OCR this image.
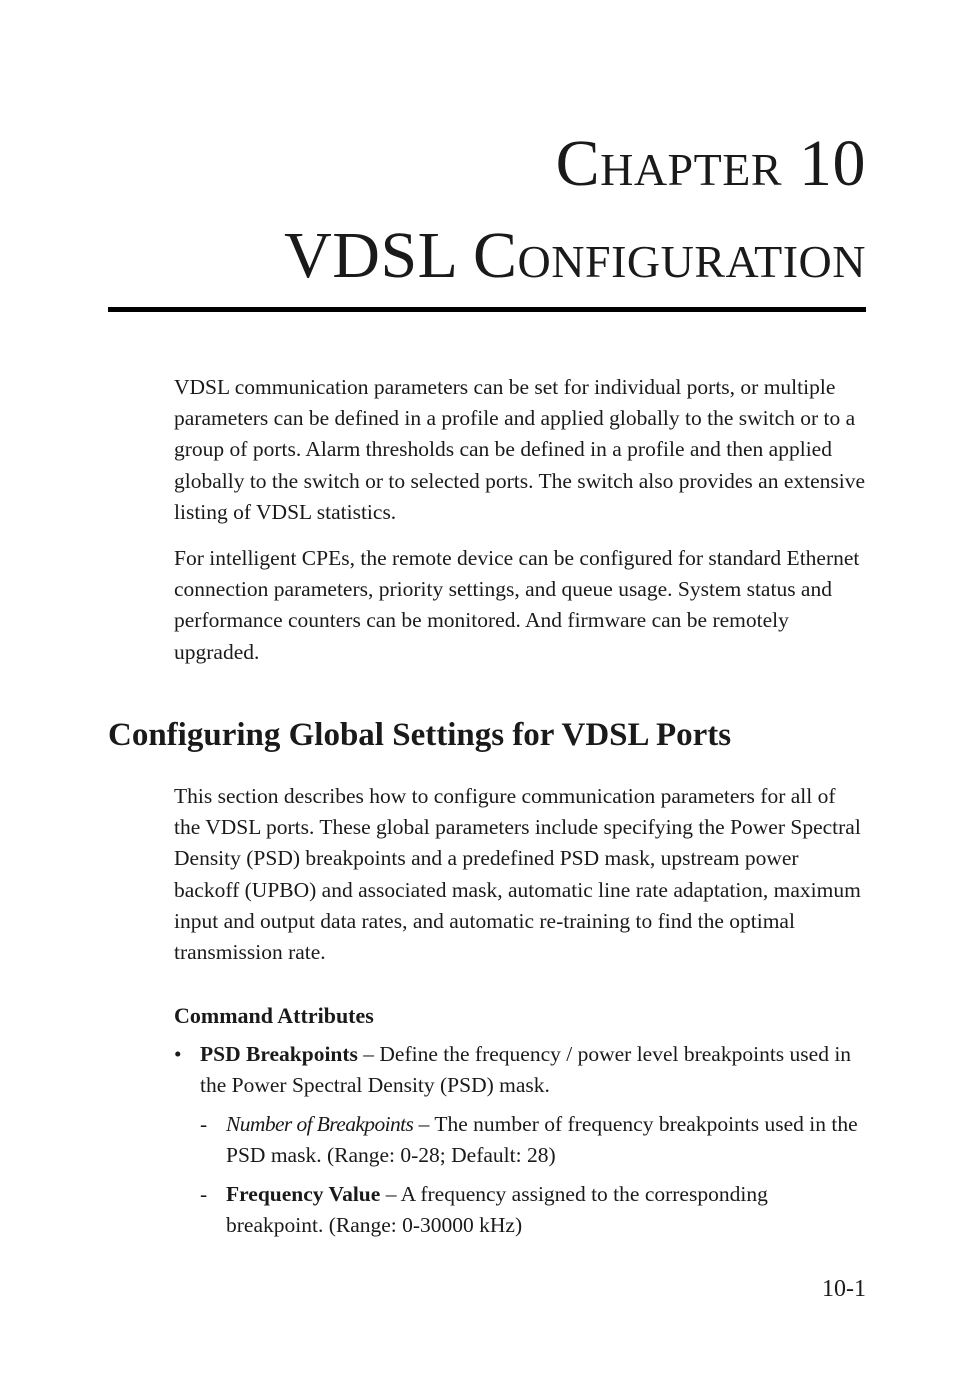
Chapter 10
VDSL Configuration

VDSL communication parameters can be set for individual ports, or multiple parameters can be defined in a profile and applied globally to the switch or to a group of ports. Alarm thresholds can be defined in a profile and then applied globally to the switch or to selected ports. The switch also provides an extensive listing of VDSL statistics.

For intelligent CPEs, the remote device can be configured for standard Ethernet connection parameters, priority settings, and queue usage. System status and performance counters can be monitored. And firmware can be remotely upgraded.

Configuring Global Settings for VDSL Ports

This section describes how to configure communication parameters for all of the VDSL ports. These global parameters include specifying the Power Spectral Density (PSD) breakpoints and a predefined PSD mask, upstream power backoff (UPBO) and associated mask, automatic line rate adaptation, maximum input and output data rates, and automatic re-training to find the optimal transmission rate.

Command Attributes
• PSD Breakpoints – Define the frequency / power level breakpoints used in the Power Spectral Density (PSD) mask.
- Number of Breakpoints – The number of frequency breakpoints used in the PSD mask. (Range: 0-28; Default: 28)
- Frequency Value – A frequency assigned to the corresponding breakpoint. (Range: 0-30000 kHz)

10-1
